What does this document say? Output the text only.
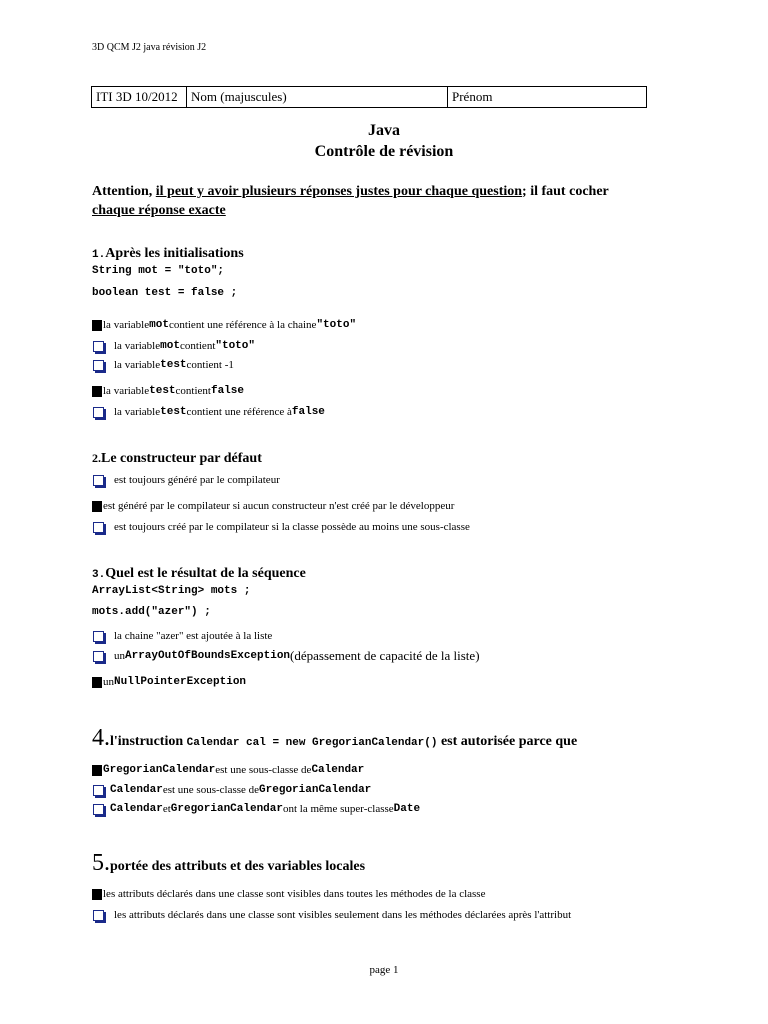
3D QCM J2 java révision J2
ITI 3D 10/2012	Nom (majuscules)	Prénom
Java
Contrôle de révision
Attention, il peut y avoir plusieurs réponses justes pour chaque question; il faut cocher
chaque réponse exacte
1.Après les initialisations
String mot = "toto";
boolean test = false ;
la variable mot contient une référence à la chaine "toto"
la variable mot contient "toto"
la variable test contient -1
la variable test contient false
la variable test contient une référence à false
2.Le constructeur par défaut
est toujours généré par le compilateur
est généré par le compilateur si aucun constructeur n'est créé par le développeur
est toujours créé par le compilateur si la classe possède au moins une sous-classe
3.Quel est le résultat de la séquence
ArrayList<String> mots ;
mots.add("azer") ;
la chaine "azer" est ajoutée à la liste
un ArrayOutOfBoundsException (dépassement de capacité de la liste)
un NullPointerException
4.l'instruction Calendar cal = new GregorianCalendar() est autorisée parce que
GregorianCalendar est une sous-classe de Calendar
Calendar est une sous-classe de GregorianCalendar
Calendar et GregorianCalendar ont la même super-classe Date
5.portée des attributs et des variables locales
les attributs déclarés dans une classe sont visibles dans toutes les méthodes de la classe
les attributs déclarés dans une classe sont visibles seulement dans les méthodes déclarées après l'attribut
page 1
